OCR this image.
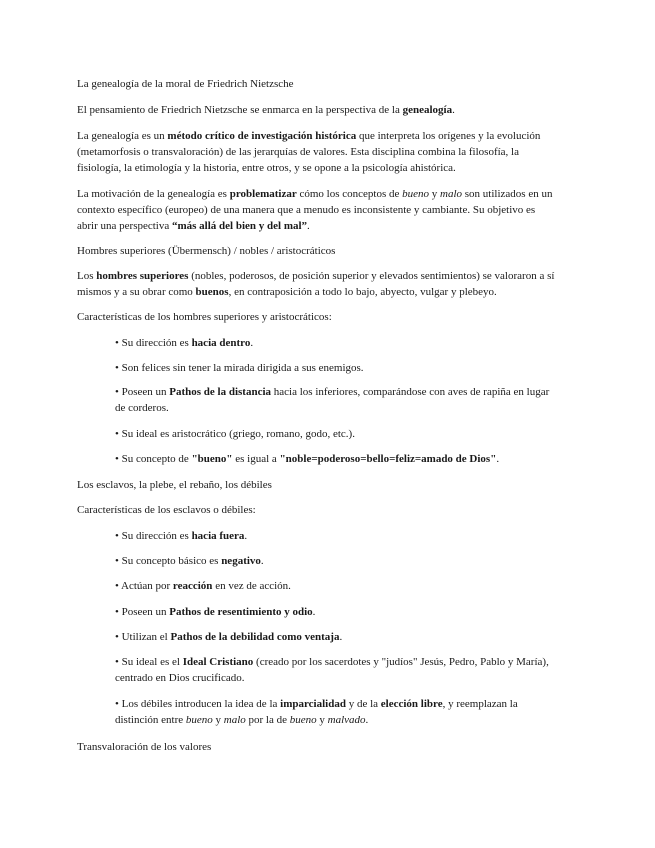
La genealogía de la moral de Friedrich Nietzsche

El pensamiento de Friedrich Nietzsche se enmarca en la perspectiva de la genealogía.

La genealogía es un método crítico de investigación histórica que interpreta los orígenes y la evolución (metamorfosis o transvaloración) de las jerarquías de valores. Esta disciplina combina la filosofía, la fisiología, la etimología y la historia, entre otros, y se opone a la psicología ahistórica.

La motivación de la genealogía es problematizar cómo los conceptos de bueno y malo son utilizados en un contexto específico (europeo) de una manera que a menudo es inconsistente y cambiante. Su objetivo es abrir una perspectiva “más allá del bien y del mal”.

Hombres superiores (Übermensch) / nobles / aristocráticos

Los hombres superiores (nobles, poderosos, de posición superior y elevados sentimientos) se valoraron a sí mismos y a su obrar como buenos, en contraposición a todo lo bajo, abyecto, vulgar y plebeyo.

Características de los hombres superiores y aristocráticos:

• Su dirección es hacia dentro.

• Son felices sin tener la mirada dirigida a sus enemigos.

• Poseen un Pathos de la distancia hacia los inferiores, comparándose con aves de rapiña en lugar de corderos.

• Su ideal es aristocrático (griego, romano, godo, etc.).

• Su concepto de "bueno" es igual a "noble=poderoso=bello=feliz=amado de Dios".

Los esclavos, la plebe, el rebaño, los débiles

Características de los esclavos o débiles:

• Su dirección es hacia fuera.

• Su concepto básico es negativo.

• Actúan por reacción en vez de acción.

• Poseen un Pathos de resentimiento y odio.

• Utilizan el Pathos de la debilidad como ventaja.

• Su ideal es el Ideal Cristiano (creado por los sacerdotes y "judíos" Jesús, Pedro, Pablo y María), centrado en Dios crucificado.

• Los débiles introducen la idea de la imparcialidad y de la elección libre, y reemplazan la distinción entre bueno y malo por la de bueno y malvado.

Transvaloración de los valores
